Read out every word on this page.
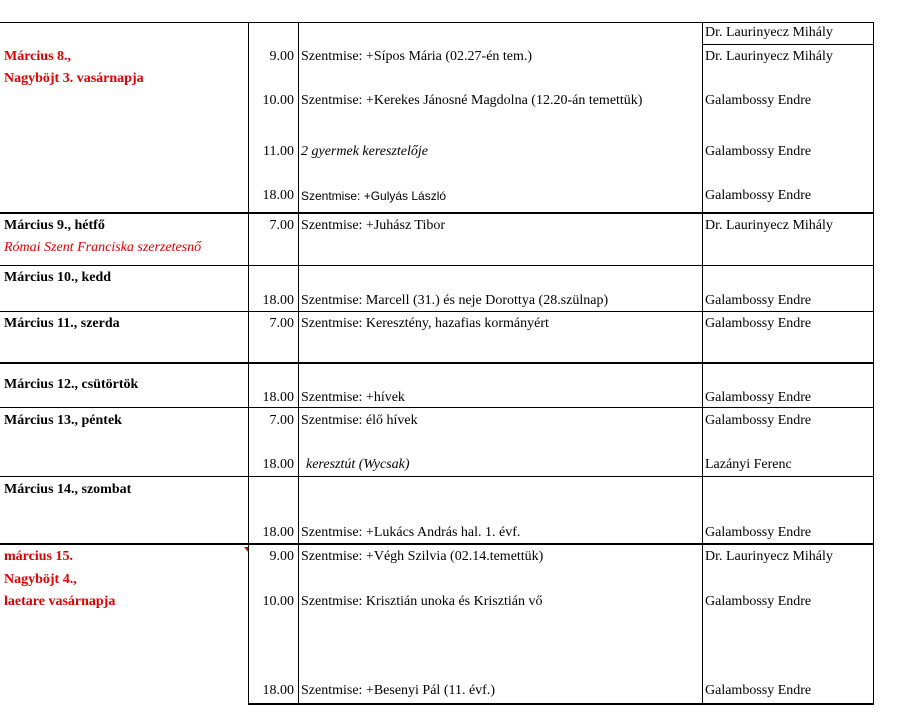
Dr. Laurinyecz Mihály
Március 8.,
Nagyböjt 3. vasárnapja
9.00 Szentmise: +Sípos Mária (02.27-én tem.)	Dr. Laurinyecz Mihály
10.00 Szentmise: +Kerekes Jánosné Magdolna (12.20-án temettük)	Galambossy Endre
11.00 2 gyermek keresztelője	Galambossy Endre
18.00 Szentmise: +Gulyás László	Galambossy Endre
Március 9., hétfő
Római Szent Franciska szerzetesnő
7.00 Szentmise: +Juhász Tibor	Dr. Laurinyecz Mihály
Március 10., kedd
18.00 Szentmise: Marcell (31.) és neje Dorottya (28.szülnap)	Galambossy Endre
Március 11., szerda	7.00 Szentmise: Keresztény, hazafias kormányért	Galambossy Endre
Március 12., csütörtök
18.00 Szentmise: +hívek	Galambossy Endre
Március 13., péntek	7.00 Szentmise: élő hívek	Galambossy Endre
18.00 keresztút (Wycsak)	Lazányi Ferenc
Március 14., szombat
18.00 Szentmise: +Lukács András hal. 1. évf.	Galambossy Endre
március 15.
Nagyböjt 4.,
laetare vasárnapja
9.00 Szentmise: +Végh Szilvia (02.14.temettük)	Dr. Laurinyecz Mihály
10.00 Szentmise: Krisztián unoka és Krisztián vő	Galambossy Endre
18.00 Szentmise: +Besenyi Pál (11. évf.)	Galambossy Endre
